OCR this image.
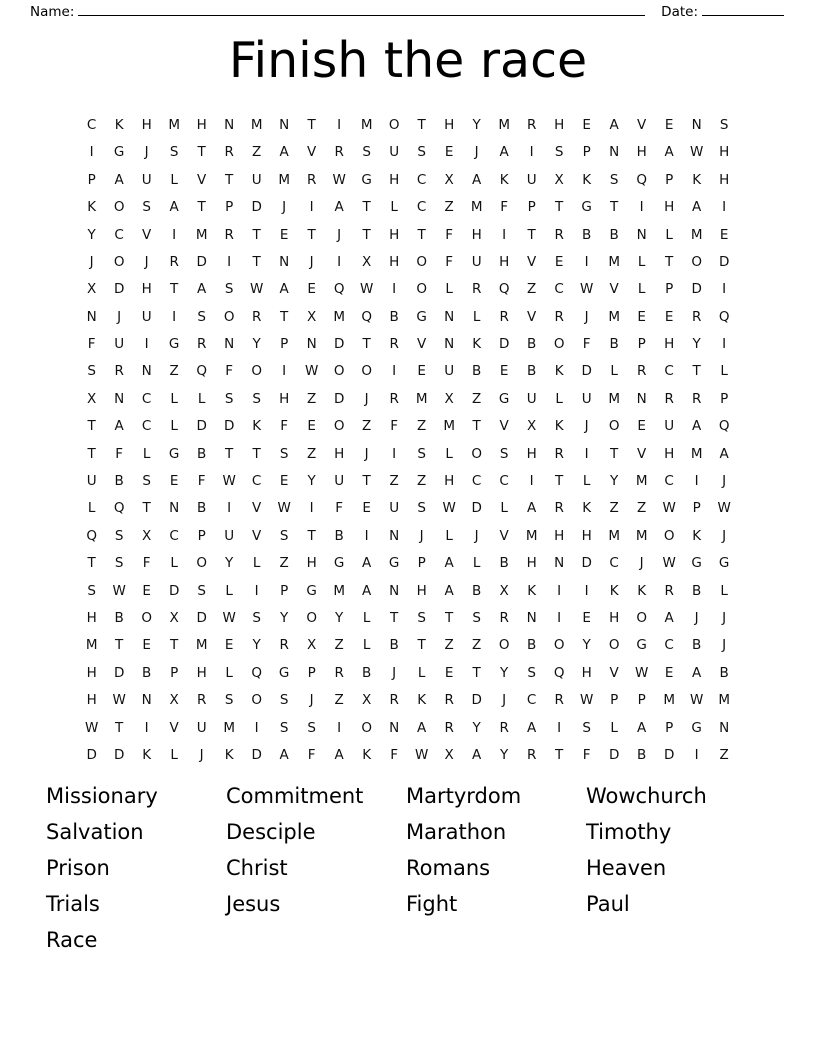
Name:	Date:
Finish the race
C	K	H	M	H	N	M	N	T	I	M	O	T	H	Y	M	R	H	E	A	V	E	N	S
I	G	J	S	T	R	Z	A	V	R	S	U	S	E	J	A	I	S	P	N	H	A	W	H
P	A	U	L	V	T	U	M	R	W	G	H	C	X	A	K	U	X	K	S	Q	P	K	H
K	O	S	A	T	P	D	J	I	A	T	L	C	Z	M	F	P	T	G	T	I	H	A	I
Y	C	V	I	M	R	T	E	T	J	T	H	T	F	H	I	T	R	B	B	N	L	M	E
J	O	J	R	D	I	T	N	J	I	X	H	O	F	U	H	V	E	I	M	L	T	O	D
X	D	H	T	A	S	W	A	E	Q	W	I	O	L	R	Q	Z	C	W	V	L	P	D	I
N	J	U	I	S	O	R	T	X	M	Q	B	G	N	L	R	V	R	J	M	E	E	R	Q
F	U	I	G	R	N	Y	P	N	D	T	R	V	N	K	D	B	O	F	B	P	H	Y	I
S	R	N	Z	Q	F	O	I	W	O	O	I	E	U	B	E	B	K	D	L	R	C	T	L
X	N	C	L	L	S	S	H	Z	D	J	R	M	X	Z	G	U	L	U	M	N	R	R	P
T	A	C	L	D	D	K	F	E	O	Z	F	Z	M	T	V	X	K	J	O	E	U	A	Q
T	F	L	G	B	T	T	S	Z	H	J	I	S	L	O	S	H	R	I	T	V	H	M	A
U	B	S	E	F	W	C	E	Y	U	T	Z	Z	H	C	C	I	T	L	Y	M	C	I	J
L	Q	T	N	B	I	V	W	I	F	E	U	S	W	D	L	A	R	K	Z	Z	W	P	W
Q	S	X	C	P	U	V	S	T	B	I	N	J	L	J	V	M	H	H	M	M	O	K	J
T	S	F	L	O	Y	L	Z	H	G	A	G	P	A	L	B	H	N	D	C	J	W	G	G
S	W	E	D	S	L	I	P	G	M	A	N	H	A	B	X	K	I	I	K	K	R	B	L
H	B	O	X	D	W	S	Y	O	Y	L	T	S	T	S	R	N	I	E	H	O	A	J	J
M	T	E	T	M	E	Y	R	X	Z	L	B	T	Z	Z	O	B	O	Y	O	G	C	B	J
H	D	B	P	H	L	Q	G	P	R	B	J	L	E	T	Y	S	Q	H	V	W	E	A	B
H	W	N	X	R	S	O	S	J	Z	X	R	K	R	D	J	C	R	W	P	P	M	W	M
W	T	I	V	U	M	I	S	S	I	O	N	A	R	Y	R	A	I	S	L	A	P	G	N
D	D	K	L	J	K	D	A	F	A	K	F	W	X	A	Y	R	T	F	D	B	D	I	Z
Missionary
Salvation
Prison
Trials
Race
Commitment
Desciple
Christ
Jesus
Martyrdom
Marathon
Romans
Fight
Wowchurch
Timothy
Heaven
Paul
